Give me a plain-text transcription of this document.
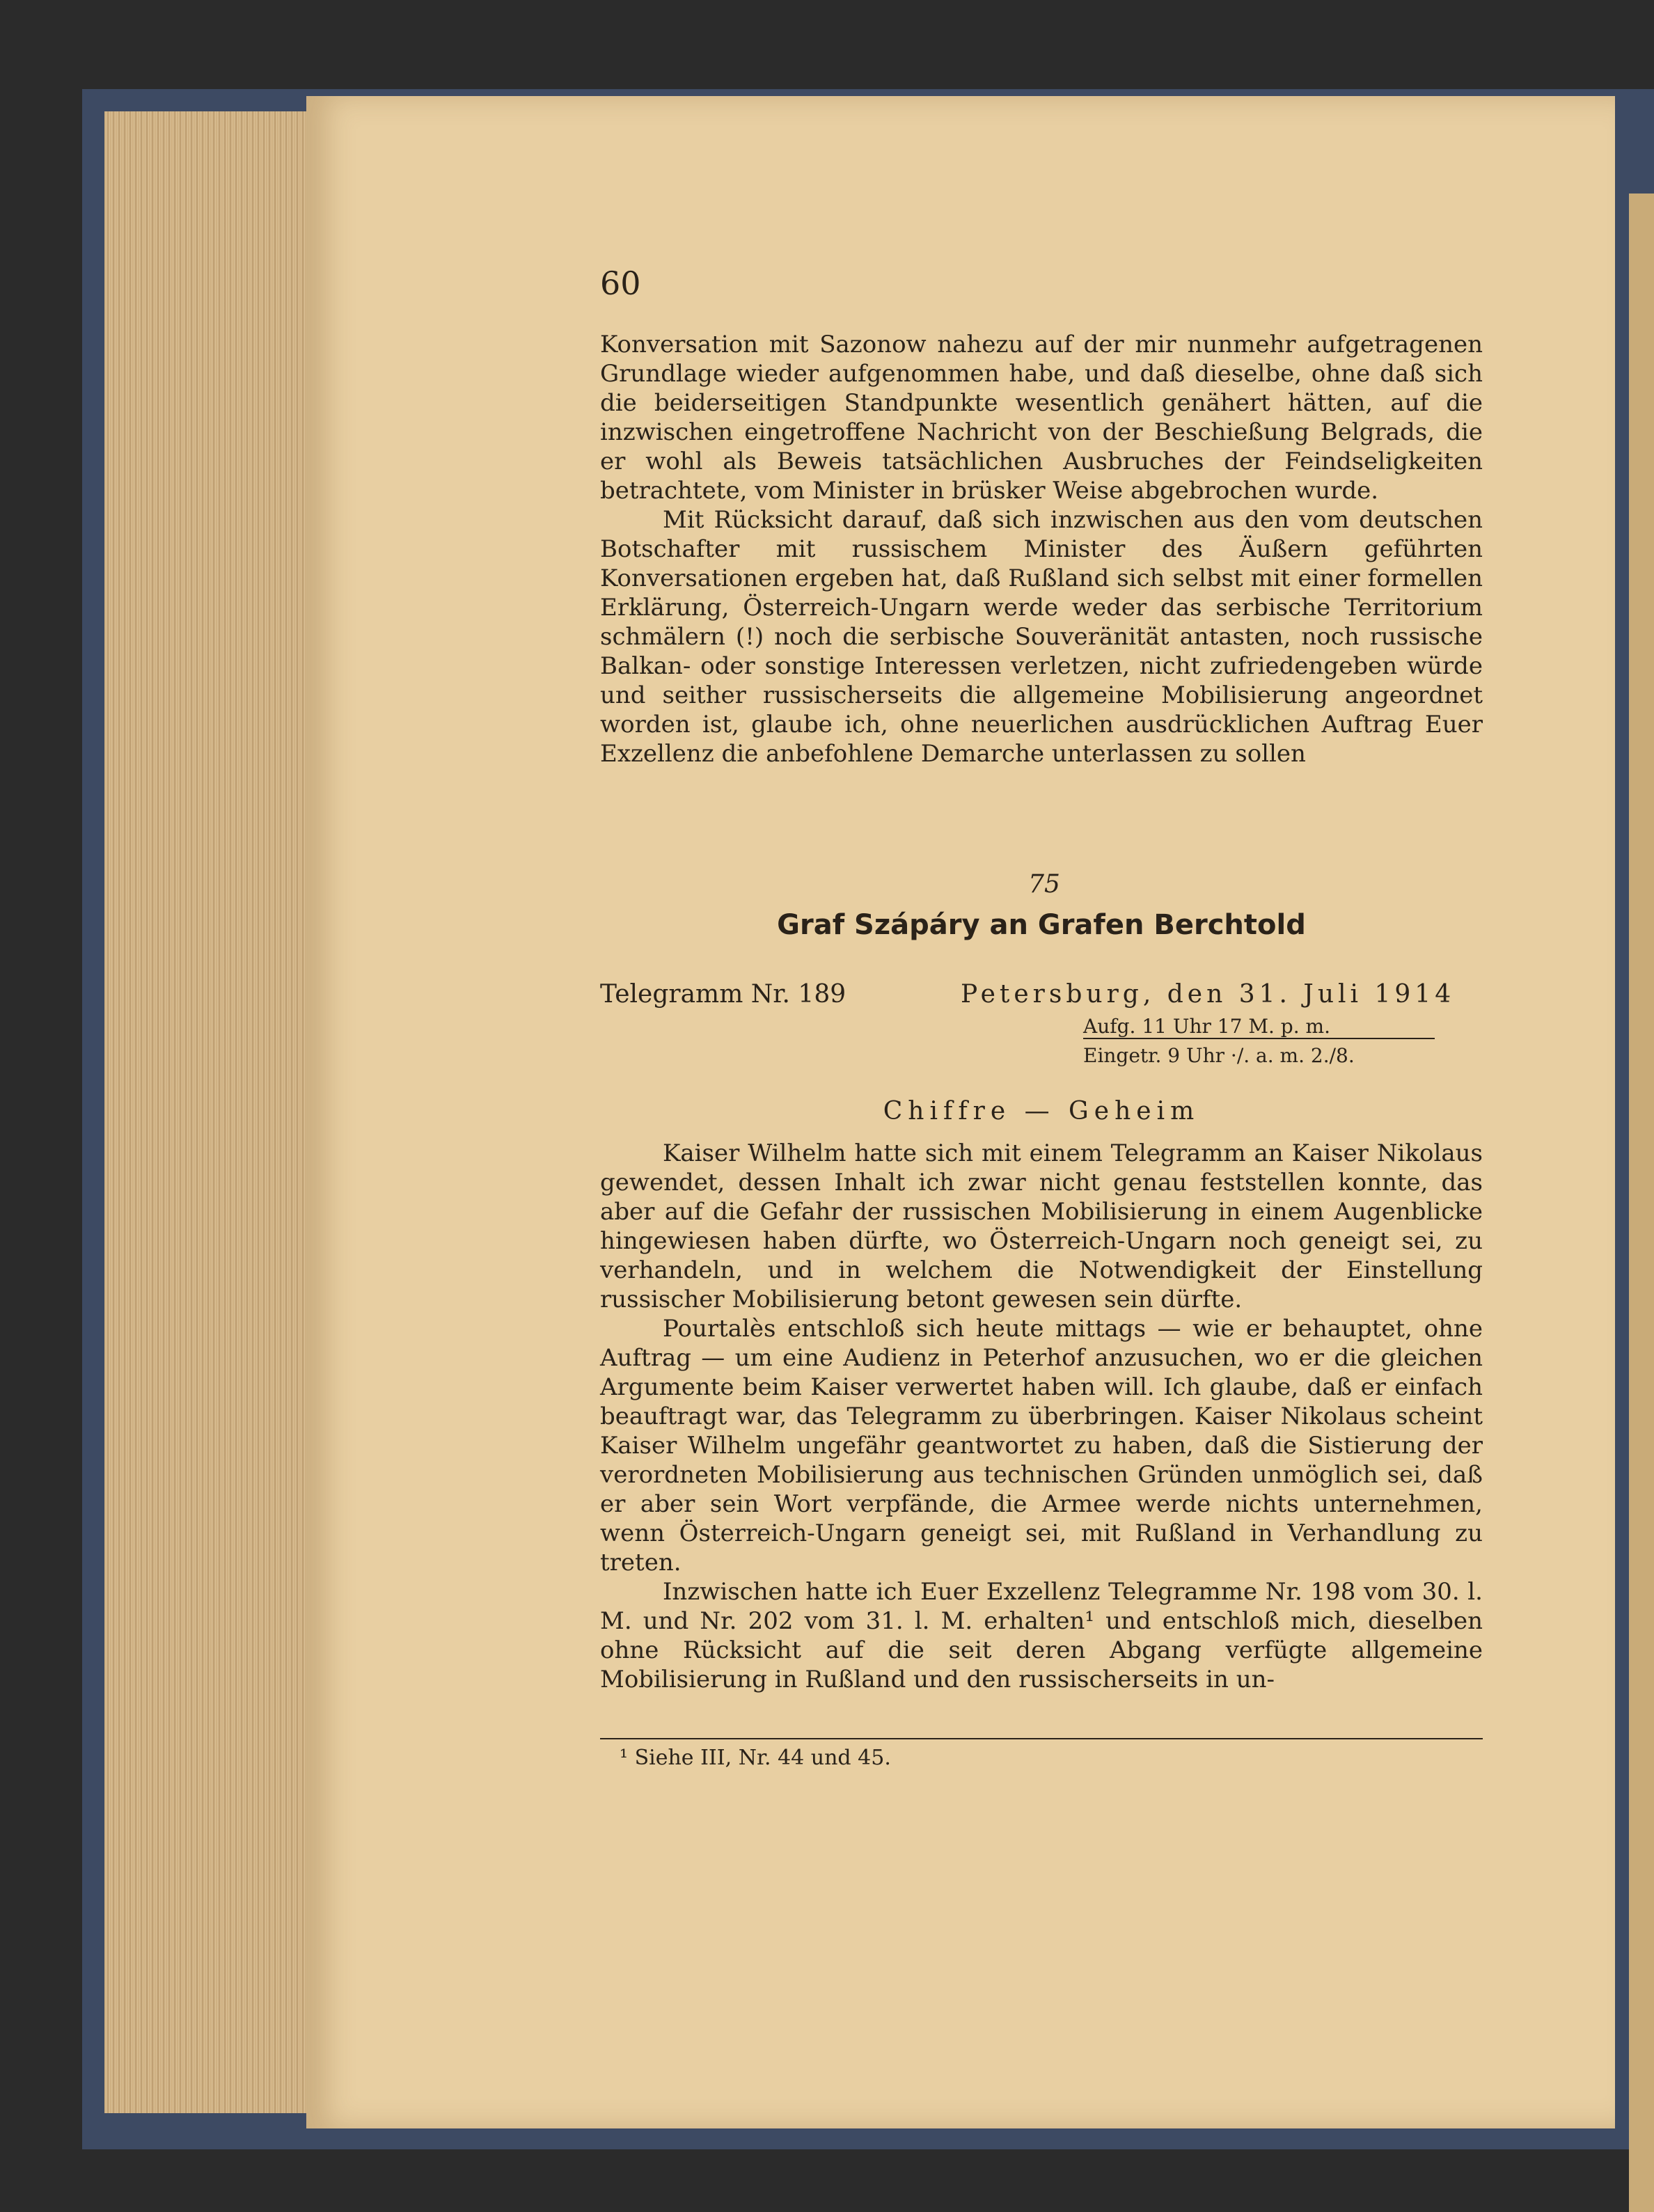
60

Konversation mit Sazonow nahezu auf der mir nunmehr aufgetragenen Grundlage wieder aufgenommen habe, und daß dieselbe, ohne daß sich die beiderseitigen Standpunkte wesentlich genähert hätten, auf die inzwischen eingetroffene Nachricht von der Beschießung Belgrads, die er wohl als Beweis tatsächlichen Ausbruches der Feindseligkeiten betrachtete, vom Minister in brüsker Weise abgebrochen wurde.

Mit Rücksicht darauf, daß sich inzwischen aus den vom deutschen Botschafter mit russischem Minister des Äußern geführten Konversationen ergeben hat, daß Rußland sich selbst mit einer formellen Erklärung, Österreich-Ungarn werde weder das serbische Territorium schmälern (!) noch die serbische Souveränität antasten, noch russische Balkan- oder sonstige Interessen verletzen, nicht zufriedengeben würde und seither russischerseits die allgemeine Mobilisierung angeordnet worden ist, glaube ich, ohne neuerlichen ausdrücklichen Auftrag Euer Exzellenz die anbefohlene Demarche unterlassen zu sollen

75
Graf Szápáry an Grafen Berchtold
Telegramm Nr. 189	Petersburg, den 31. Juli 1914
Aufg. 11 Uhr 17 M. p. m.
Eingetr. 9 Uhr ·/. a. m. 2./8.
Chiffre — Geheim

Kaiser Wilhelm hatte sich mit einem Telegramm an Kaiser Nikolaus gewendet, dessen Inhalt ich zwar nicht genau feststellen konnte, das aber auf die Gefahr der russischen Mobilisierung in einem Augenblicke hingewiesen haben dürfte, wo Österreich-Ungarn noch geneigt sei, zu verhandeln, und in welchem die Notwendigkeit der Einstellung russischer Mobilisierung betont gewesen sein dürfte.

Pourtalès entschloß sich heute mittags — wie er behauptet, ohne Auftrag — um eine Audienz in Peterhof anzusuchen, wo er die gleichen Argumente beim Kaiser verwertet haben will. Ich glaube, daß er einfach beauftragt war, das Telegramm zu überbringen. Kaiser Nikolaus scheint Kaiser Wilhelm ungefähr geantwortet zu haben, daß die Sistierung der verordneten Mobilisierung aus technischen Gründen unmöglich sei, daß er aber sein Wort verpfände, die Armee werde nichts unternehmen, wenn Österreich-Ungarn geneigt sei, mit Rußland in Verhandlung zu treten.

Inzwischen hatte ich Euer Exzellenz Telegramme Nr. 198 vom 30. l. M. und Nr. 202 vom 31. l. M. erhalten¹ und entschloß mich, dieselben ohne Rücksicht auf die seit deren Abgang verfügte allgemeine Mobilisierung in Rußland und den russischerseits in un-

¹ Siehe III, Nr. 44 und 45.
